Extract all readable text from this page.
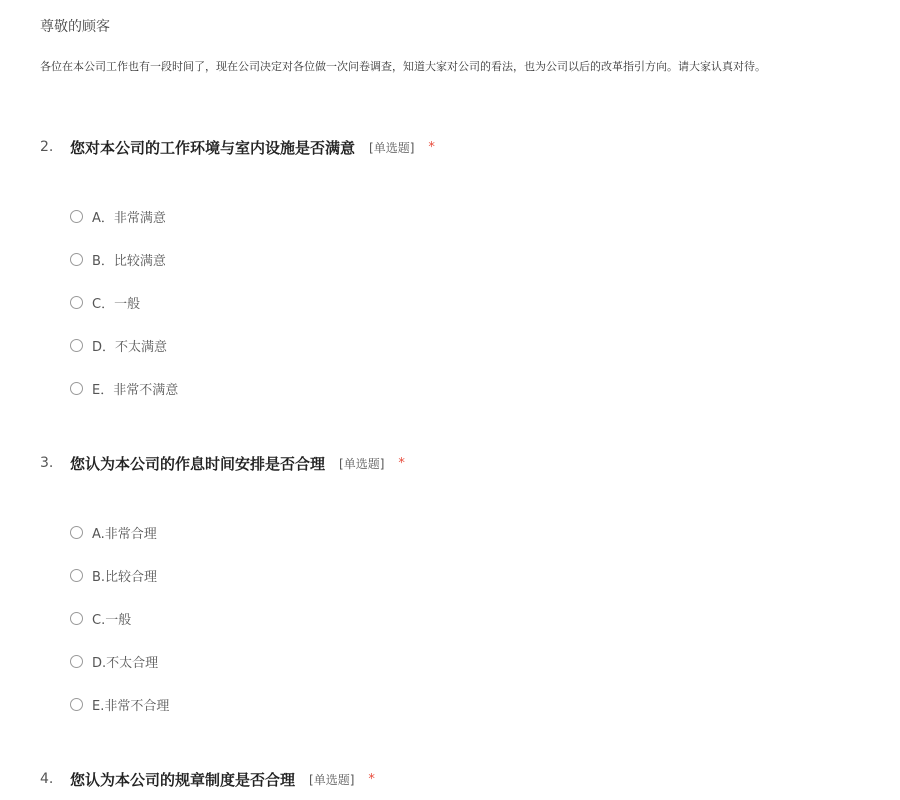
尊敬的顾客
各位在本公司工作也有一段时间了，现在公司决定对各位做一次问卷调查，知道大家对公司的看法，也为公司以后的改革指引方向。请大家认真对待。
2.	您对本公司的工作环境与室内设施是否满意 [单选题] *
A．非常满意
B．比较满意
C．一般
D．不太满意
E．非常不满意
3.	您认为本公司的作息时间安排是否合理 [单选题] *
A.非常合理
B.比较合理
C.一般
D.不太合理
E.非常不合理
4.	您认为本公司的规章制度是否合理 [单选题] *
